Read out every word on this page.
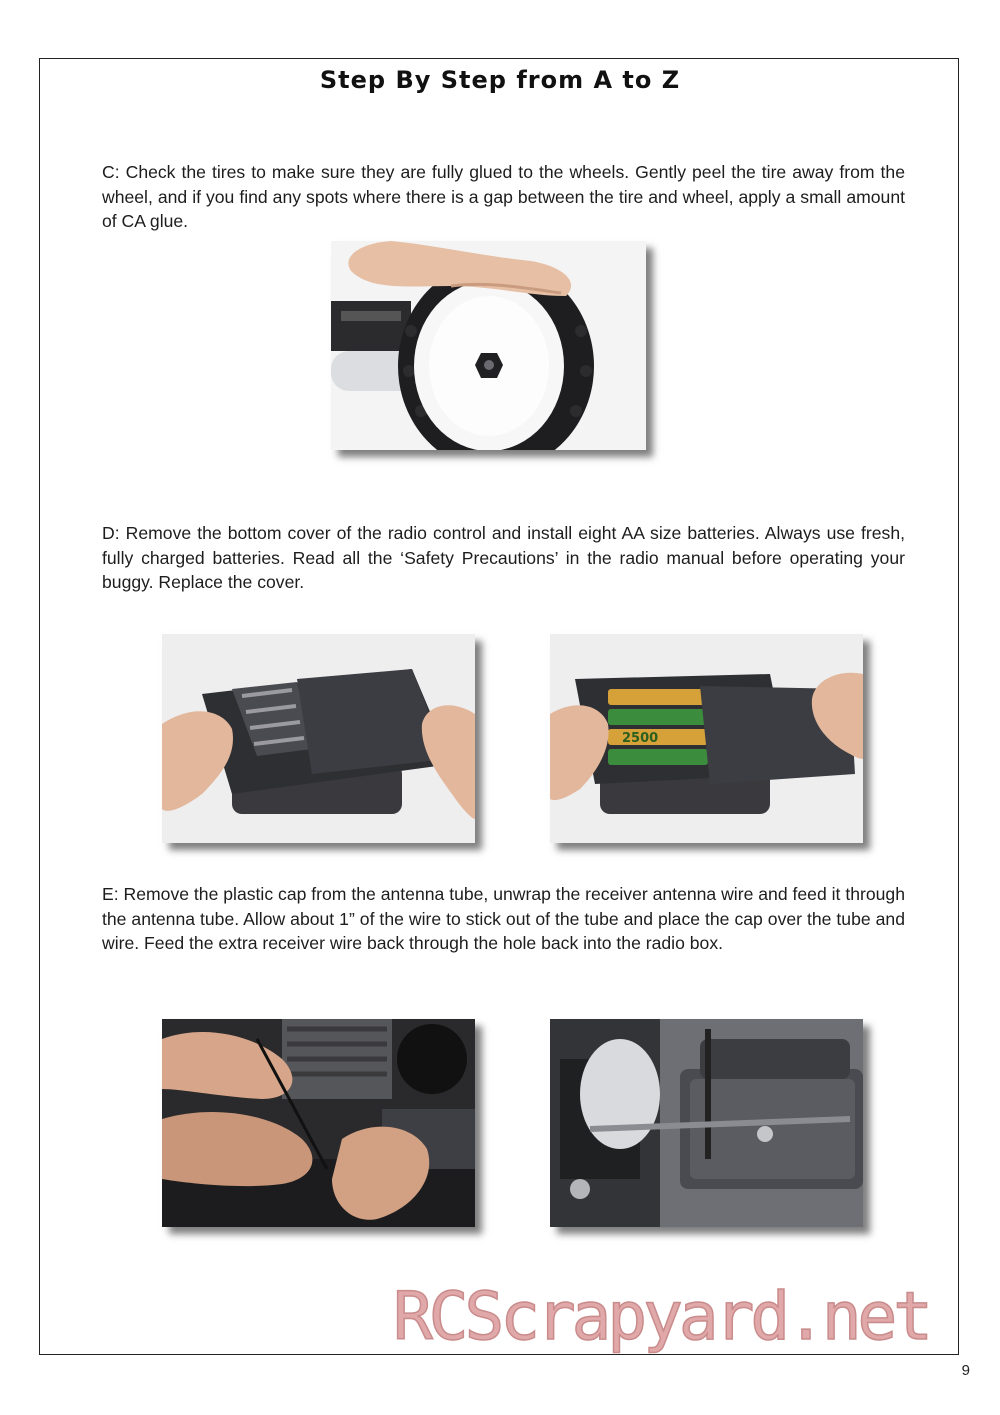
Step By Step from A to Z

C: Check the tires to make sure they are fully glued to the wheels. Gently peel the tire away from the wheel, and if you find any spots where there is a gap between the tire and wheel, apply a small amount of CA glue.

D: Remove the bottom cover of the radio control and install eight AA size batteries. Always use fresh, fully charged batteries. Read all the ‘Safety Precautions’ in the radio manual before operating your buggy. Replace the cover.

2500

E: Remove the plastic cap from the antenna tube, unwrap the receiver antenna wire and feed it through the antenna tube. Allow about 1” of the wire to stick out of the tube and place the cap over the tube and wire. Feed the extra receiver wire back through the hole back into the radio box.

RCScrapyard.net
9
